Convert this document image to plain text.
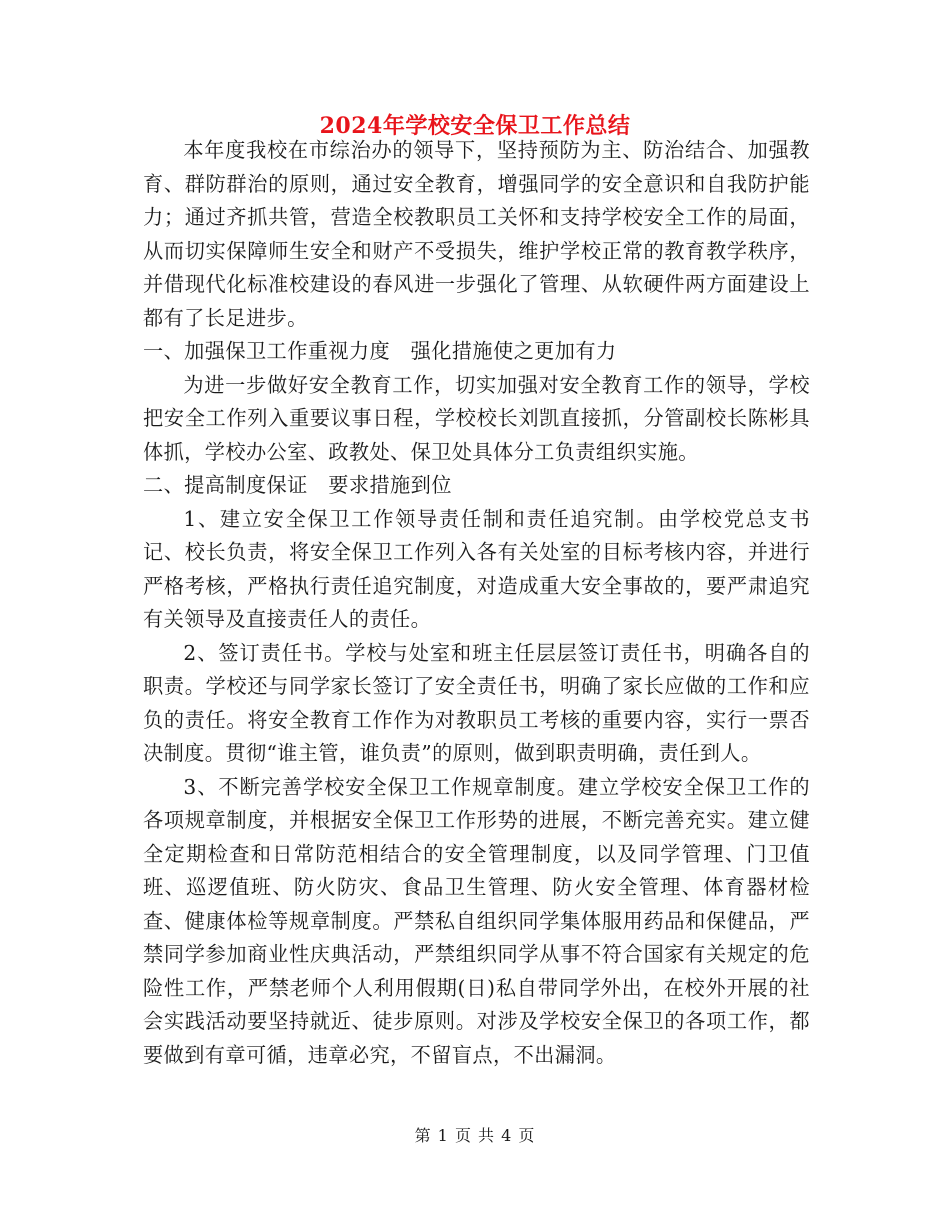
2024年学校安全保卫工作总结

本年度我校在市综治办的领导下，坚持预防为主、防治结合、加强教育、群防群治的原则，通过安全教育，增强同学的安全意识和自我防护能力；通过齐抓共管，营造全校教职员工关怀和支持学校安全工作的局面，从而切实保障师生安全和财产不受损失，维护学校正常的教育教学秩序，并借现代化标准校建设的春风进一步强化了管理、从软硬件两方面建设上都有了长足进步。

一、加强保卫工作重视力度　强化措施使之更加有力

为进一步做好安全教育工作，切实加强对安全教育工作的领导，学校把安全工作列入重要议事日程，学校校长刘凯直接抓，分管副校长陈彬具体抓，学校办公室、政教处、保卫处具体分工负责组织实施。

二、提高制度保证　要求措施到位

1、建立安全保卫工作领导责任制和责任追究制。由学校党总支书记、校长负责，将安全保卫工作列入各有关处室的目标考核内容，并进行严格考核，严格执行责任追究制度，对造成重大安全事故的，要严肃追究有关领导及直接责任人的责任。

2、签订责任书。学校与处室和班主任层层签订责任书，明确各自的职责。学校还与同学家长签订了安全责任书，明确了家长应做的工作和应负的责任。将安全教育工作作为对教职员工考核的重要内容，实行一票否决制度。贯彻“谁主管，谁负责”的原则，做到职责明确，责任到人。

3、不断完善学校安全保卫工作规章制度。建立学校安全保卫工作的各项规章制度，并根据安全保卫工作形势的进展，不断完善充实。建立健全定期检查和日常防范相结合的安全管理制度，以及同学管理、门卫值班、巡逻值班、防火防灾、食品卫生管理、防火安全管理、体育器材检查、健康体检等规章制度。严禁私自组织同学集体服用药品和保健品，严禁同学参加商业性庆典活动，严禁组织同学从事不符合国家有关规定的危险性工作，严禁老师个人利用假期(日)私自带同学外出，在校外开展的社会实践活动要坚持就近、徒步原则。对涉及学校安全保卫的各项工作，都要做到有章可循，违章必究，不留盲点，不出漏洞。

第 1 页 共 4 页
